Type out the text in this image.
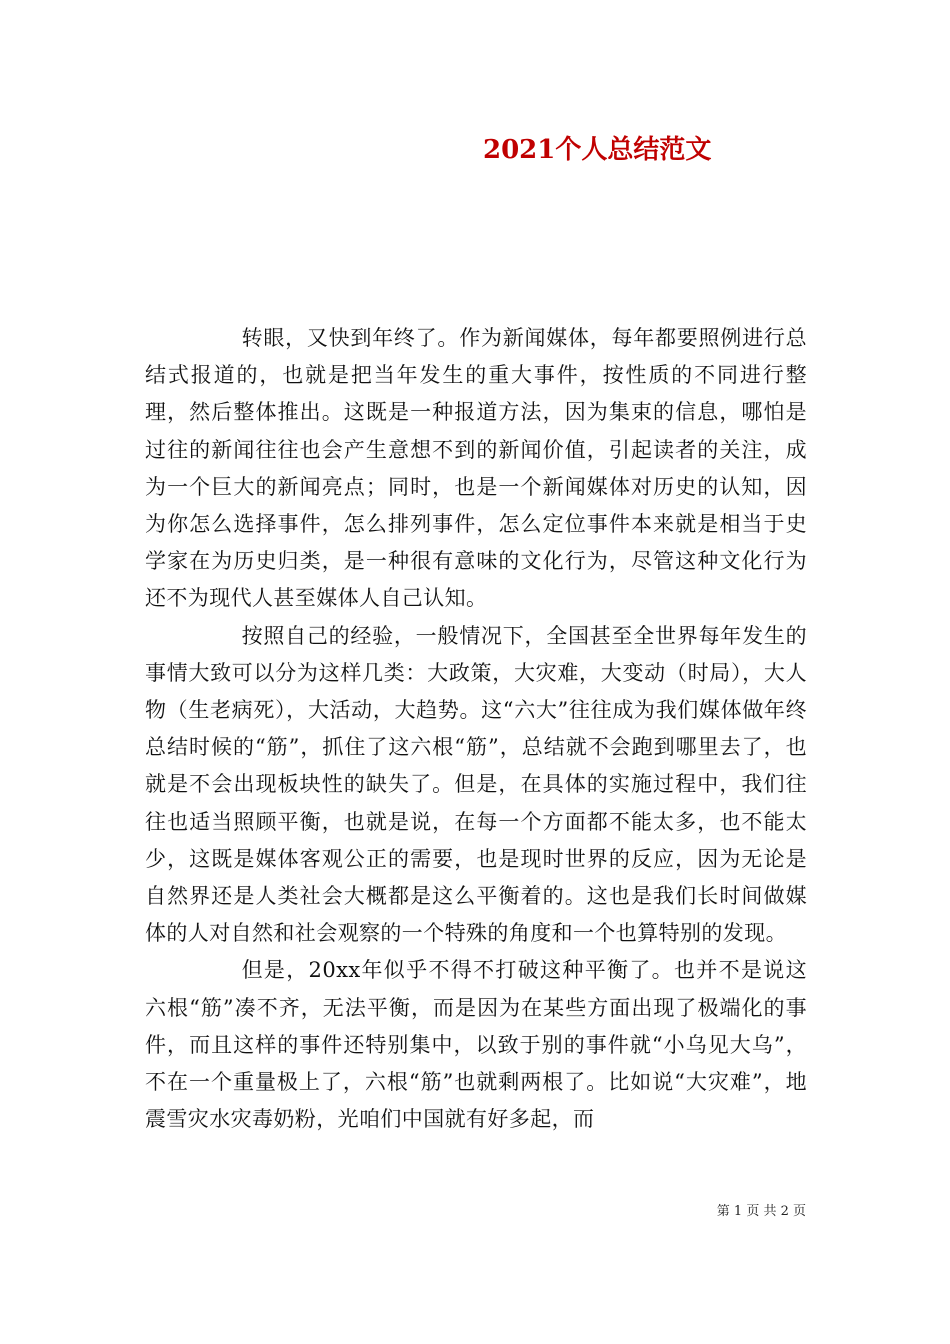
2021个人总结范文

转眼，又快到年终了。作为新闻媒体，每年都要照例进行总结式报道的，也就是把当年发生的重大事件，按性质的不同进行整理，然后整体推出。这既是一种报道方法，因为集束的信息，哪怕是过往的新闻往往也会产生意想不到的新闻价值，引起读者的关注，成为一个巨大的新闻亮点；同时，也是一个新闻媒体对历史的认知，因为你怎么选择事件，怎么排列事件，怎么定位事件本来就是相当于史学家在为历史归类，是一种很有意味的文化行为，尽管这种文化行为还不为现代人甚至媒体人自己认知。

按照自己的经验，一般情况下，全国甚至全世界每年发生的事情大致可以分为这样几类：大政策，大灾难，大变动（时局），大人物（生老病死），大活动，大趋势。这“六大”往往成为我们媒体做年终总结时候的“筋”，抓住了这六根“筋”，总结就不会跑到哪里去了，也就是不会出现板块性的缺失了。但是，在具体的实施过程中，我们往往也适当照顾平衡，也就是说，在每一个方面都不能太多，也不能太少，这既是媒体客观公正的需要，也是现时世界的反应，因为无论是自然界还是人类社会大概都是这么平衡着的。这也是我们长时间做媒体的人对自然和社会观察的一个特殊的角度和一个也算特别的发现。

但是，20xx年似乎不得不打破这种平衡了。也并不是说这六根“筋”凑不齐，无法平衡，而是因为在某些方面出现了极端化的事件，而且这样的事件还特别集中，以致于别的事件就“小乌见大乌”，不在一个重量极上了，六根“筋”也就剩两根了。比如说“大灾难”，地震雪灾水灾毒奶粉，光咱们中国就有好多起，而

第 1 页 共 2 页
